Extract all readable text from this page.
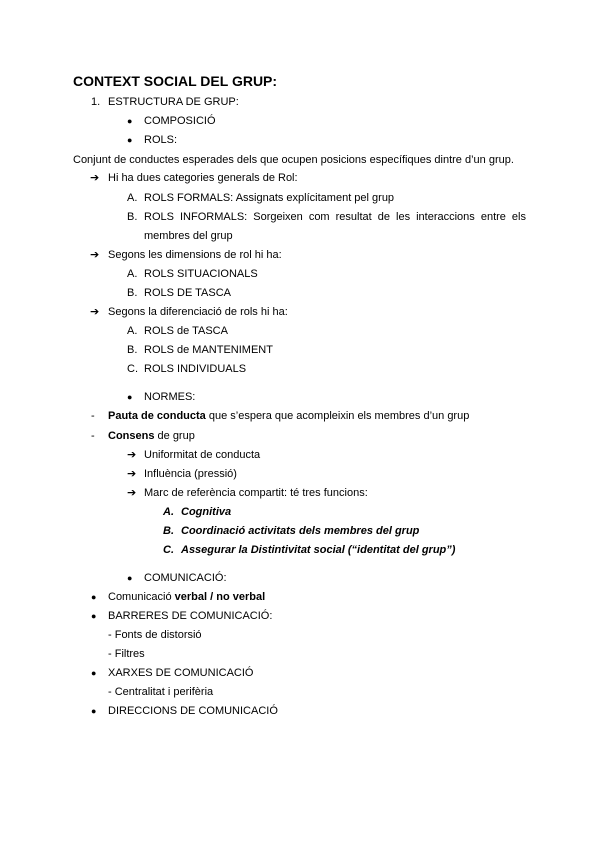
CONTEXT SOCIAL DEL GRUP:
1. ESTRUCTURA DE GRUP:
● COMPOSICIÓ
● ROLS:
Conjunt de conductes esperades dels que ocupen posicions específiques dintre d’un grup.
➔ Hi ha dues categories generals de Rol:
A. ROLS FORMALS: Assignats explícitament pel grup
B. ROLS INFORMALS: Sorgeixen com resultat de les interaccions entre els
membres del grup
➔ Segons les dimensions de rol hi ha:
A. ROLS SITUACIONALS
B. ROLS DE TASCA
➔ Segons la diferenciació de rols hi ha:
A. ROLS de TASCA
B. ROLS de MANTENIMENT
C. ROLS INDIVIDUALS
● NORMES:
- Pauta de conducta que s’espera que acompleixin els membres d’un grup
- Consens de grup
➔ Uniformitat de conducta
➔ Influència (pressió)
➔ Marc de referència compartit: té tres funcions:
A. Cognitiva
B. Coordinació activitats dels membres del grup
C. Assegurar la Distintivitat social (“identitat del grup”)
● COMUNICACIÓ:
● Comunicació verbal / no verbal
● BARRERES DE COMUNICACIÓ:
- Fonts de distorsió
- Filtres
● XARXES DE COMUNICACIÓ
- Centralitat i perifèria
● DIRECCIONS DE COMUNICACIÓ
